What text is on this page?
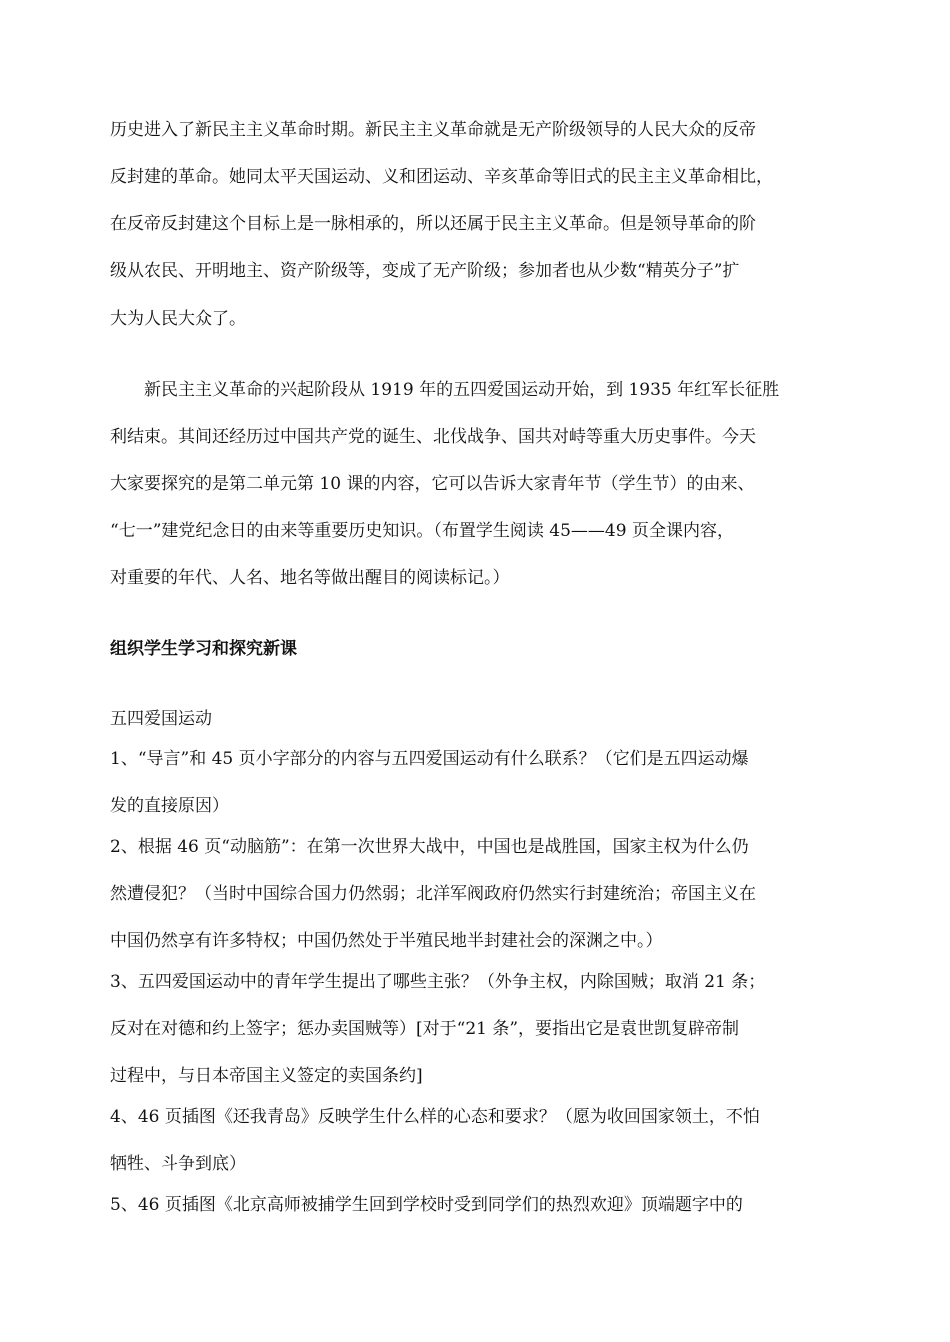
历史进入了新民主主义革命时期。新民主主义革命就是无产阶级领导的人民大众的反帝
反封建的革命。她同太平天国运动、义和团运动、辛亥革命等旧式的民主主义革命相比，
在反帝反封建这个目标上是一脉相承的，所以还属于民主主义革命。但是领导革命的阶
级从农民、开明地主、资产阶级等，变成了无产阶级；参加者也从少数“精英分子”扩
大为人民大众了。
　　新民主主义革命的兴起阶段从 1919 年的五四爱国运动开始，到 1935 年红军长征胜
利结束。其间还经历过中国共产党的诞生、北伐战争、国共对峙等重大历史事件。今天
大家要探究的是第二单元第 10 课的内容，它可以告诉大家青年节（学生节）的由来、
“七一”建党纪念日的由来等重要历史知识。（布置学生阅读 45——49 页全课内容，
对重要的年代、人名、地名等做出醒目的阅读标记。）
组织学生学习和探究新课
五四爱国运动
1、“导言”和 45 页小字部分的内容与五四爱国运动有什么联系？（它们是五四运动爆
发的直接原因）
2、根据 46 页“动脑筋”：在第一次世界大战中，中国也是战胜国，国家主权为什么仍
然遭侵犯？（当时中国综合国力仍然弱；北洋军阀政府仍然实行封建统治；帝国主义在
中国仍然享有许多特权；中国仍然处于半殖民地半封建社会的深渊之中。）
3、五四爱国运动中的青年学生提出了哪些主张？（外争主权，内除国贼；取消 21 条；
反对在对德和约上签字；惩办卖国贼等）[对于“21 条”，要指出它是袁世凯复辟帝制
过程中，与日本帝国主义签定的卖国条约]
4、46 页插图《还我青岛》反映学生什么样的心态和要求？（愿为收回国家领土，不怕
牺牲、斗争到底）
5、46 页插图《北京高师被捕学生回到学校时受到同学们的热烈欢迎》顶端题字中的
